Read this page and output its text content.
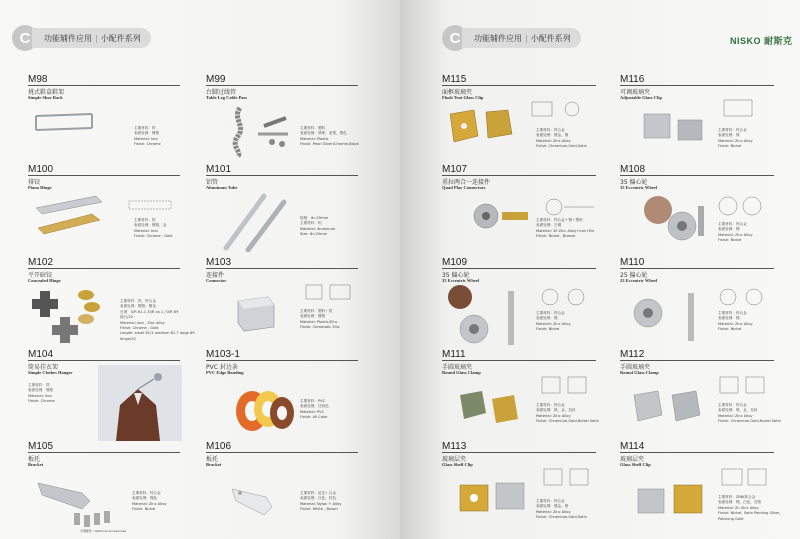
C	功能辅件应用 | 小配件系列
M98
挑式鞋盒鞋架
Simple Shoe Rack
主要材料：铁
表面处理：镀铬
Material: Iron
Finish: Chrome
M99
台脚过线管
Table Leg Cable Pass
主要材料：塑料
表面处理：珍珠，亚银，黑色
Material: Plastic
Finish: Pearl Silver/Chrome,Black
M100
排铰
Piano Hinge
主要材料：铁
表面处理：镀铬，金
Material: Iron
Finish: Chrome , Gold
M101
铝管
Aluminum Tube
规格：Φ=25mm
主要材料：铝
Material: Aluminum
Size: Φ=25mm
M102
平开暗铰
Concealed Hinge
主要材料：铁，锌合金
表面处理：镀铬，镀金
长度：0/R 61-1 /0/R ca 1 / 0/R 89
插尺/20
Material: Iron , Zinc alloy
Finish: Chrome , Gold
Length: small 61/1 medium 81.7 large 89
hinge/20
M103
连接件
Connector
主要材料：塑料＋铁
表面处理：镀铬
Material: Plastic/Zinc
Finish: Chromatic Zinc
M104
简易挂衣架
Simple Clothes Hanger
主要材料：铁
表面处理：镀铬
Material: Iron
Finish: Chrome
M103-1
PVC 封边条
PVC Edge Banding
主要材料：PVC
表面处理：任何色
Material: PVC
Finish: All Color
M105
板托
Bracket
可调配件 / Optional Accessories
主要材料：锌合金
表面处理：镍色
Material: Zinc Alloy
Finish: Nickel
M106
板托
Bracket
主要材料：尼龙＋合金
表面处理：白色，棕色
Material: Nylon + Alloy
Finish: White , Brown
C	功能辅件应用 | 小配件系列	NISKO 耐斯克
M115
面框玻璃夹
Flush Tent Glass Clip
主要材料：锌合金
表面处理：镀金，镍
Material: Zinc Alloy
Finish: Chromium,Gold,Satin
M116
可调玻璃夹
Adjustable Glass Clip
主要材料：锌合金
表面处理：镍
Material: Zinc Alloy
Finish: Nickel
M107
重拉两合一连接件
Quad Play Connectors
主要材料：锌合金＋钢＋塑料
表面处理：古铜
Material: 30 Zinc Alloy+Iron+Bri
Finish: Nickel , Bronze
M108
35 偏心轮
35 Eccentric Wheel
主要材料：锌合金
表面处理：镍
Material: Zinc Alloy
Finish: Nickel
M109
35 偏心轮
35 Eccentric Wheel
主要材料：锌合金
表面处理：镍
Material: Zinc Alloy
Finish: Nickel
M110
25 偏心轮
25 Eccentric Wheel
主要材料：锌合金
表面处理：镍
Material: Zinc Alloy
Finish: Nickel
M111
手圆玻璃夹
Round Glass Clamp
主要材料：锌合金
表面处理：铬，金，拉丝
Material: Zinc Alloy
Finish: Chromium,Gold,Nickel Satin
M112
手圆玻璃夹
Round Glass Clamp
主要材料：锌合金
表面处理：铬，金，拉丝
Material: Zinc Alloy
Finish: Chromium,Gold,Nickel Satin
M113
玻璃层夹
Glass Shelf Clip
主要材料：锌合金
表面处理：镀金，铬
Material: Zinc Alloy
Finish: Chromium,Gold,Satin
M114
玻璃层夹
Glass Shelf Clip
主要材料：ZINK锌合金
表面处理：镍，白色，亮铬
Material: Zn Zinc Alloy
Finish: Nickel, Satin Painting Silver,
Polishing Gold
